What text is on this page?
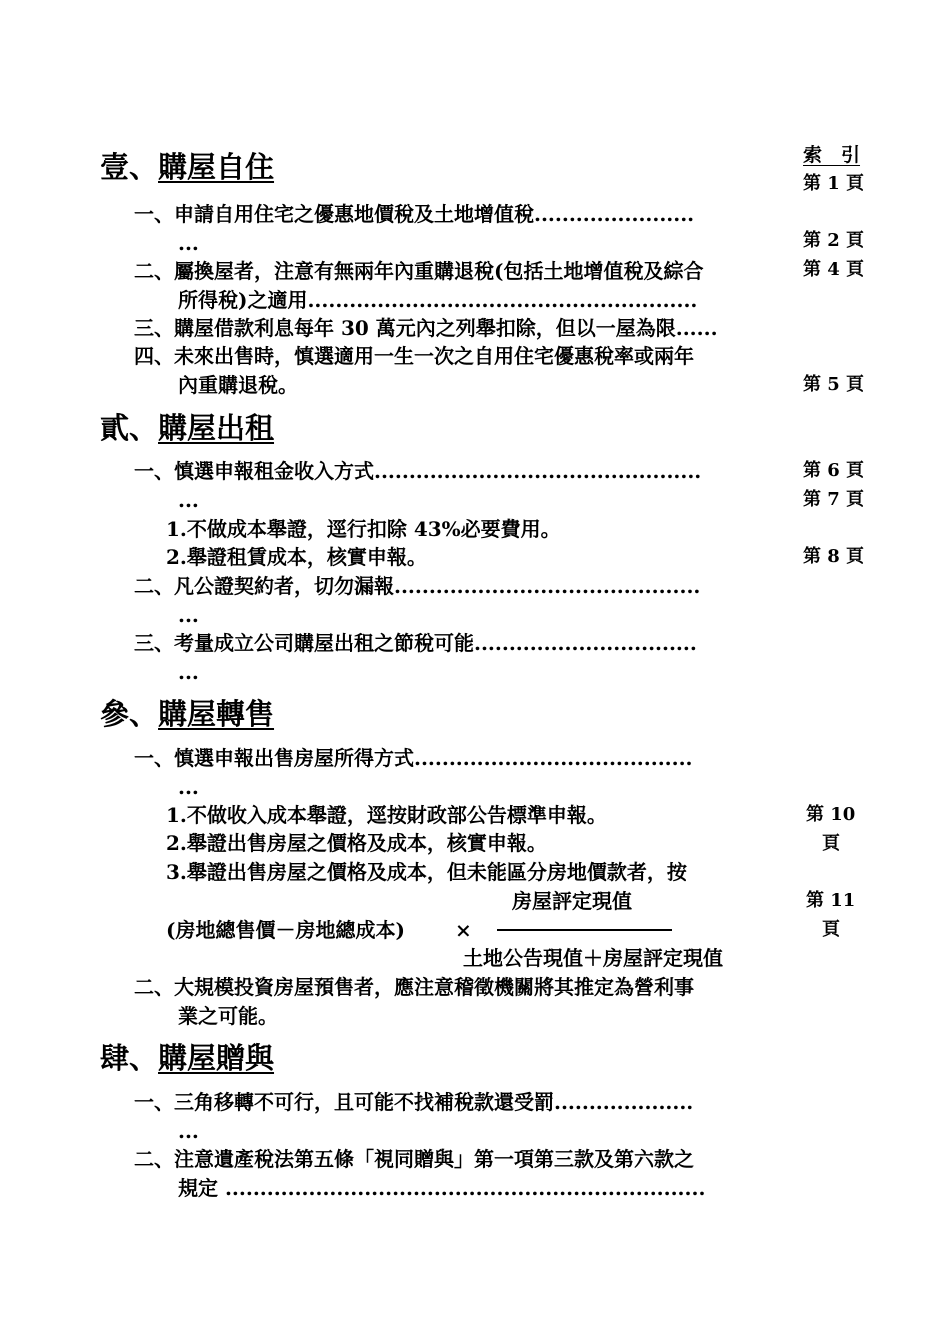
索　引
壹、購屋自住	第 1 頁
一、申請自用住宅之優惠地價稅及土地增值稅.......................
...	第 2 頁
二、屬換屋者，注意有無兩年內重購退稅(包括土地增值稅及綜合	第 4 頁
所得稅)之適用........................................................
三、購屋借款利息每年 30 萬元內之列舉扣除，但以一屋為限......
四、未來出售時，慎選適用一生一次之自用住宅優惠稅率或兩年
內重購退稅。	第 5 頁
貳、購屋出租
一、慎選申報租金收入方式...............................................	第 6 頁
...	第 7 頁
1.不做成本舉證，逕行扣除 43%必要費用。
2.舉證租賃成本，核實申報。	第 8 頁
二、凡公證契約者，切勿漏報............................................
...
三、考量成立公司購屋出租之節稅可能................................
...
參、購屋轉售
一、慎選申報出售房屋所得方式........................................
...
1.不做收入成本舉證，逕按財政部公告標準申報。	第 10
2.舉證出售房屋之價格及成本，核實申報。	頁
3.舉證出售房屋之價格及成本，但未能區分房地價款者，按
房屋評定現值	第 11
(房地總售價－房地總成本)	×	頁
土地公告現值＋房屋評定現值
二、大規模投資房屋預售者，應注意稽徵機關將其推定為營利事
業之可能。
肆、購屋贈與
一、三角移轉不可行，且可能不找補稅款還受罰....................
...
二、注意遺產稅法第五條「視同贈與」第一項第三款及第六款之
規定 .....................................................................
